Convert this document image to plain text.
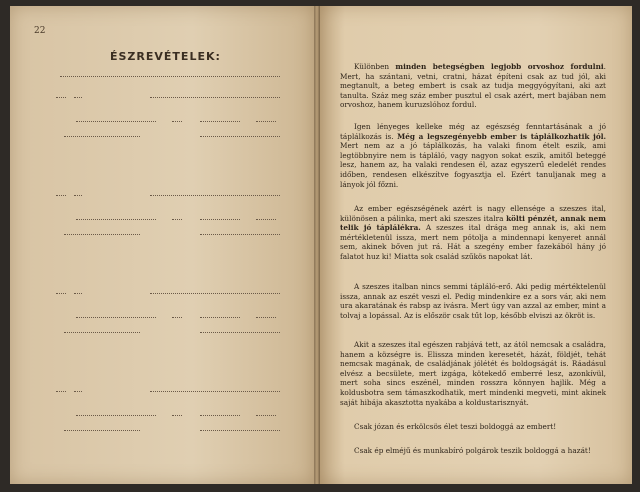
22
ÉSZREVÉTELEK:
Különben minden betegségben legjobb orvoshoz fordulni. Mert, ha szántani, vetni, cratni, házat építeni csak az tud jól, aki megtanult, a beteg embert is csak az tudja meggyógyítani, aki azt tanulta. Száz meg száz ember pusztul el csak azért, mert bajában nem orvoshoz, hanem kuruzslóhoz fordul.
Igen lényeges kelleke még az egészség fenntartásának a jó táplálkozás is. Még a legszegényebb ember is táplálkozhatik jól. Mert nem az a jó táplálkozás, ha valaki finom ételt eszik, ami legtöbbnyire nem is tápláló, vagy nagyon sokat eszik, amitől beteggé lesz, hanem az, ha valaki rendesen él, azaz egyszerű eledelét rendes időben, rendesen elkészítve fogyasztja el. Ezért tanuljanak meg a lányok jól főzni.
Az ember egészségének azért is nagy ellensége a szeszes ital, különösen a pálinka, mert aki szeszes italra költi pénzét, annak nem telik jó táplálékra. A szeszes ital drága meg annak is, aki nem mértékletenül issza, mert nem pótolja a mindennapi kenyeret annál sem, akinek bőven jut rá. Hát a szegény ember fazekából hány jó falatot huz ki! Miatta sok család szűkös napokat lát.
A szeszes italban nincs semmi tápláló-erő. Aki pedig mértéktelenül issza, annak az eszét veszi el. Pedig mindenkire ez a sors vár, aki nem ura akaratának és rabsp az ivásra. Mert úgy van azzal az ember, mint a tolvaj a lopással. Az is először csak tűt lop, később elviszi az ökröt is.
Akit a szeszes ital egészen rabjává tett, az ától nemcsak a családra, hanem a községre is. Elissza minden keresetét, házát, földjét, tehát nemcsak magának, de családjának jólétét és boldogságát is. Ráadásul elvész a becsülete, mert izgága, kötekedő emberré lesz, azonkívül, mert soha sincs eszénél, minden rosszra könnyen hajlik. Még a koldusbotra sem támaszkodhatik, mert mindenki megveti, mint akinek saját hibája akasztotta nyakába a koldustarisznyát.
Csak józan és erkölcsös élet teszi boldoggá az embert!
Csak ép elméjű és munkabíró polgárok teszik boldoggá a hazát!
